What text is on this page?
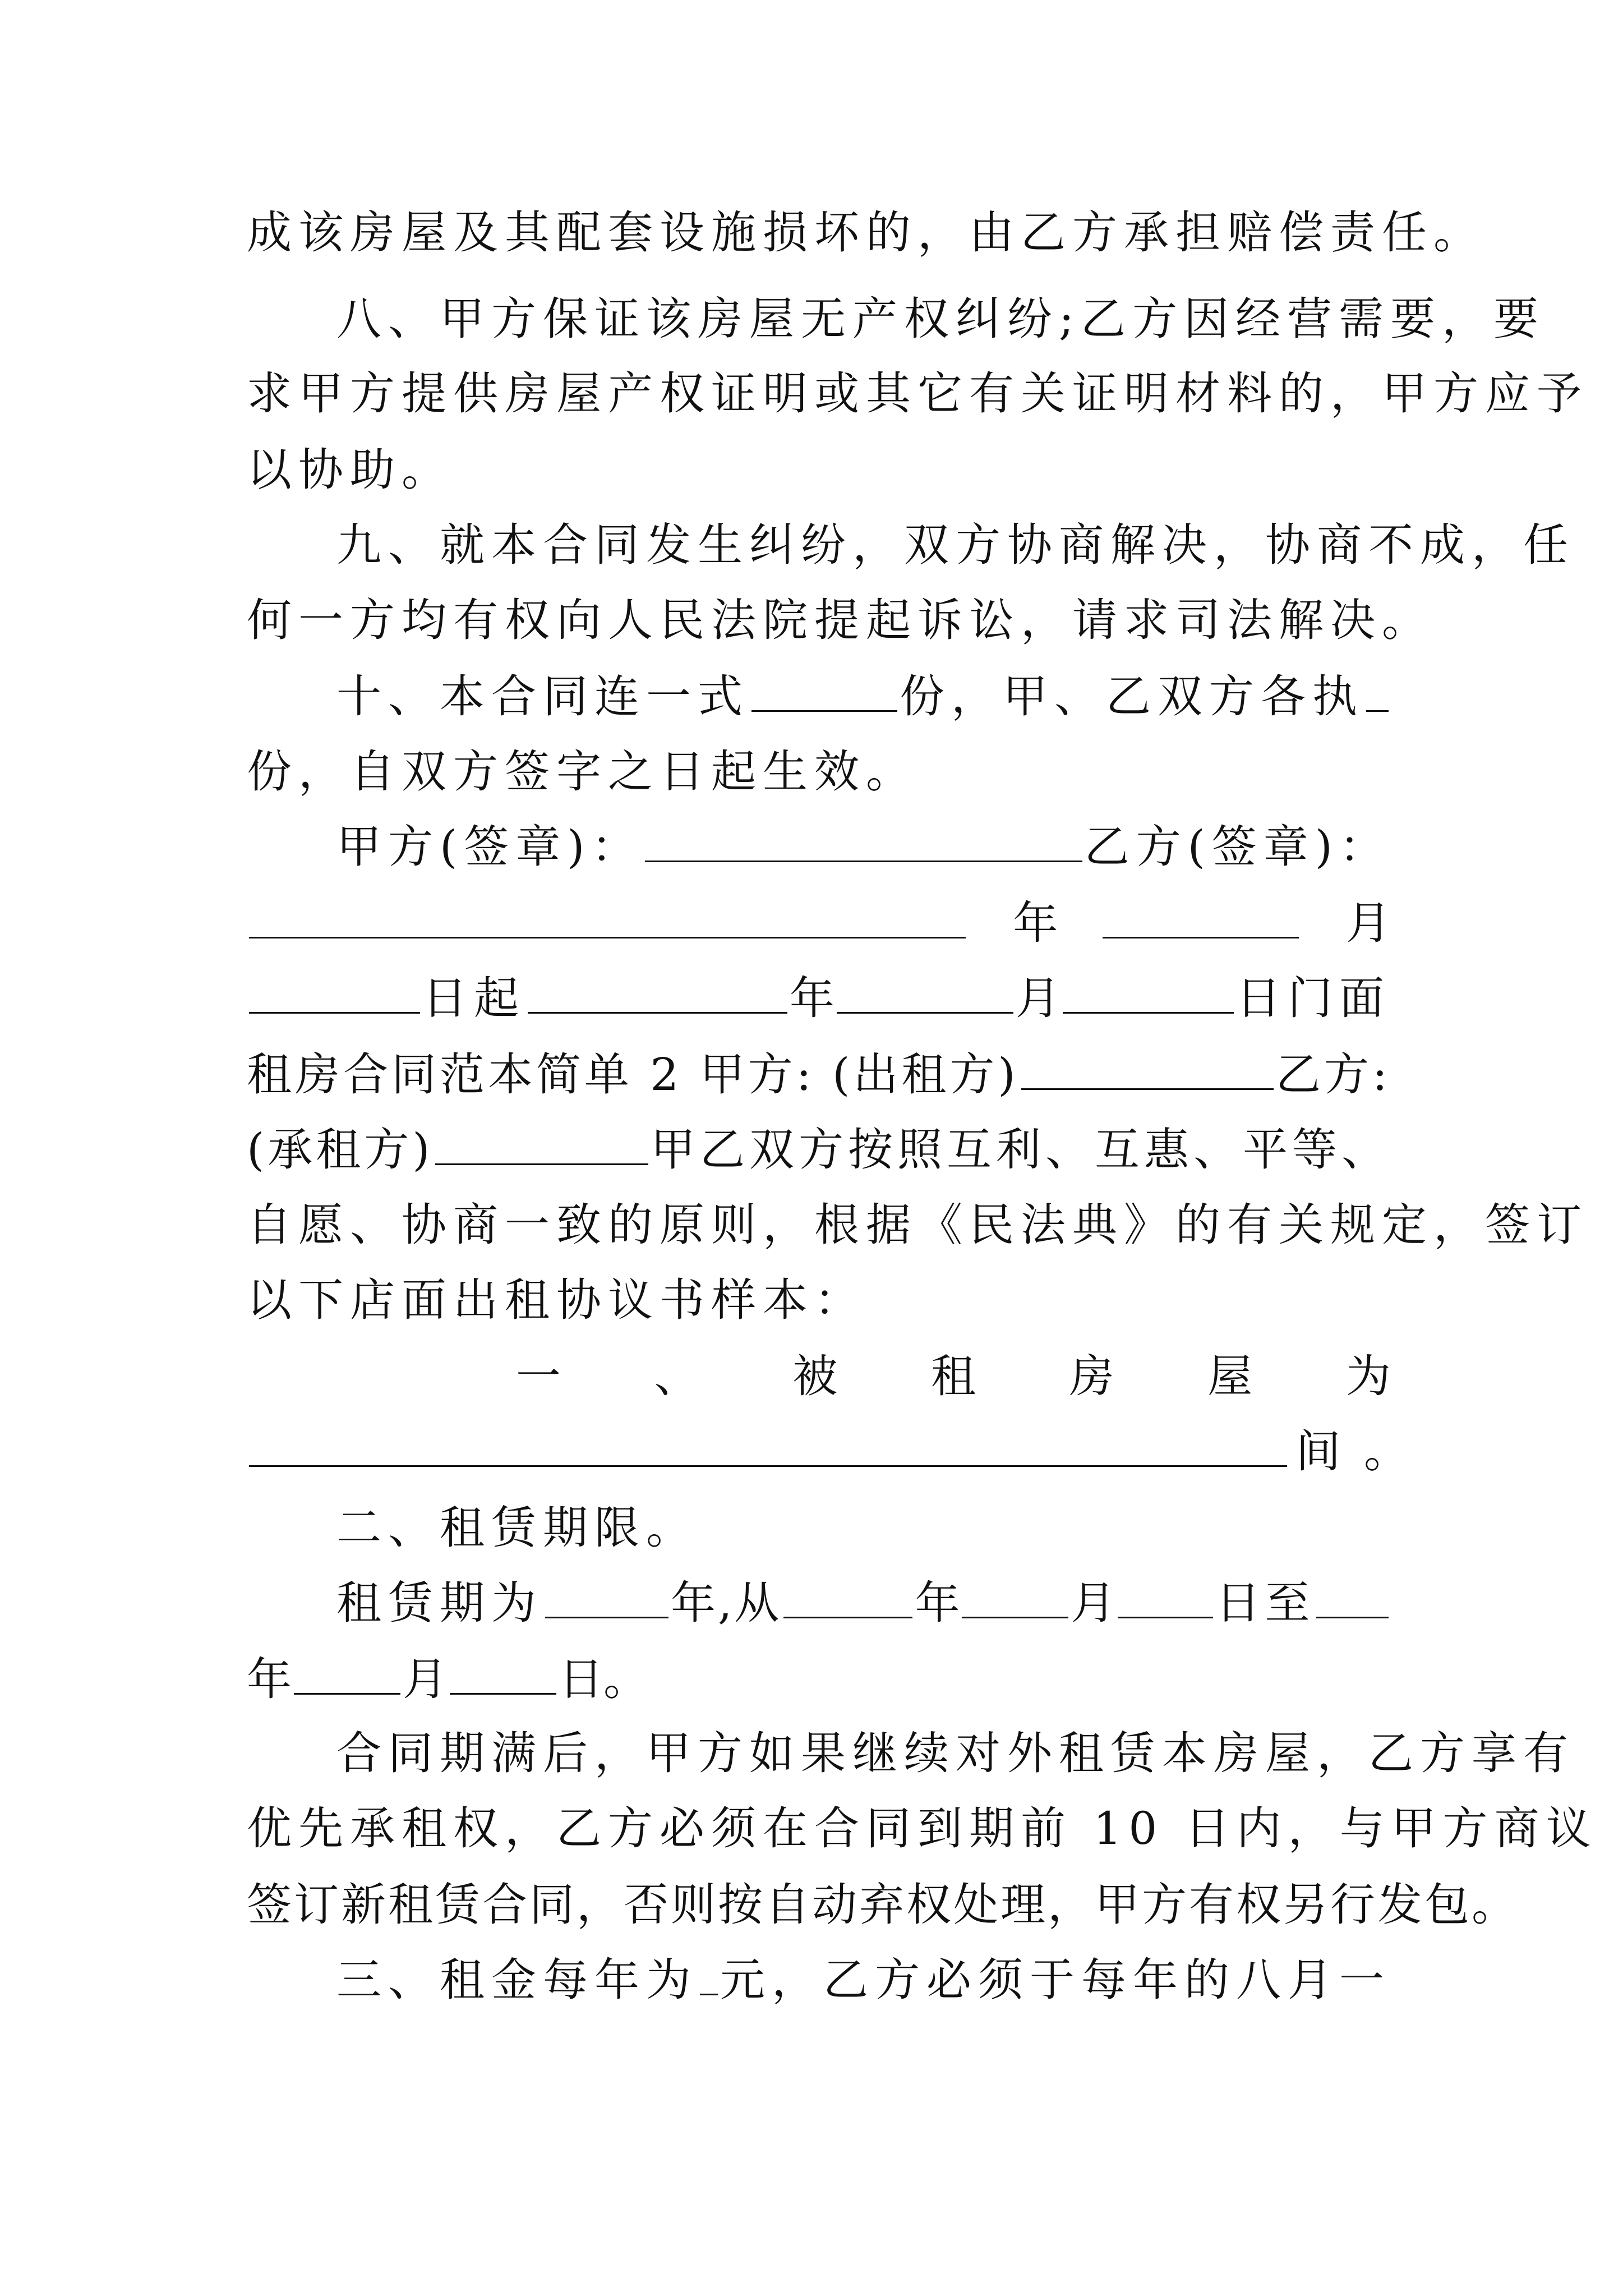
成该房屋及其配套设施损坏的，由乙方承担赔偿责任。
八、甲方保证该房屋无产权纠纷;乙方因经营需要，要
求甲方提供房屋产权证明或其它有关证明材料的，甲方应予
以协助。
九、就本合同发生纠纷，双方协商解决，协商不成，任
何一方均有权向人民法院提起诉讼，请求司法解决。
十、本合同连一式	份，甲、乙双方各执
份，自双方签字之日起生效。
甲方(签章)：	乙方(签章)：
年	月
日起	年	月	日门面
租房合同范本简单 2 甲方: (出租方)	乙方:
(承租方)	甲乙双方按照互利、互惠、平等、
自愿、协商一致的原则，根据《民法典》的有关规定，签订
以下店面出租协议书样本：
一 、 被 租 房 屋 为
间 。
二、租赁期限。
租赁期为	年,从	年 月 日至
年 月 日。
合同期满后，甲方如果继续对外租赁本房屋，乙方享有
优先承租权，乙方必须在合同到期前 10 日内，与甲方商议
签订新租赁合同，否则按自动弃权处理，甲方有权另行发包。
三、租金每年为 元，乙方必须于每年的八月一
